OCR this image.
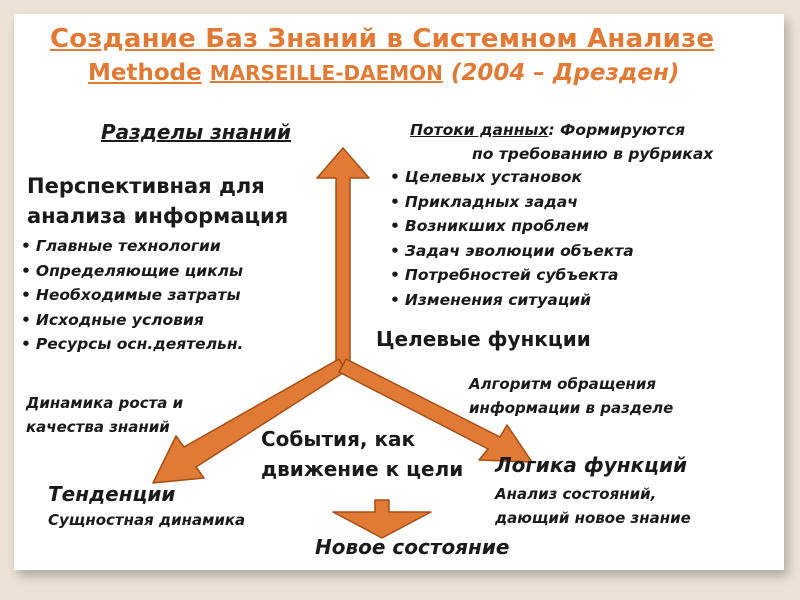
Создание Баз Знаний в Системном Анализе
Methode MARSEILLE-DAEMON (2004 – Дрезден)
Разделы знаний
Перспективная для
анализа информация
• Главные технологии
• Определяющие циклы
• Необходимые затраты
• Исходные условия
• Ресурсы осн.деятельн.
Потоки данных: Формируются
по требованию в рубриках
• Целевых установок
• Прикладных задач
• Возникших проблем
• Задач эволюции объекта
• Потребностей субъекта
• Изменения ситуаций
Целевые функции
Алгоритм обращения
информации в разделе
Динамика роста и
качества знаний	События, как
движение к цели Логика функций
Анализ состояний,
дающий новое знание
Тенденции
Сущностная динамика
Новое состояние
